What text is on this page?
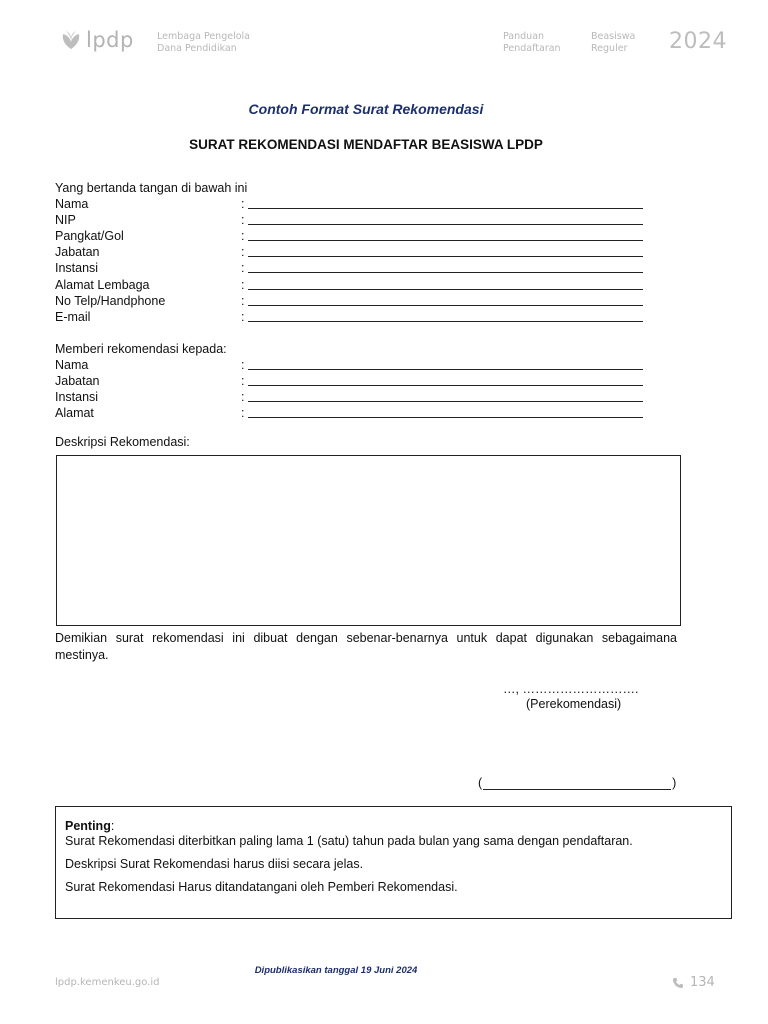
lpdp Lembaga Pengelola
Dana Pendidikan
Panduan
Pendaftaran
Beasiswa
Reguler	2024
Contoh Format Surat Rekomendasi
SURAT REKOMENDASI MENDAFTAR BEASISWA LPDP
Yang bertanda tangan di bawah ini
Nama	:
NIP	:
Pangkat/Gol	:
Jabatan	:
Instansi	:
Alamat Lembaga	:
No Telp/Handphone	:
E-mail	:
Memberi rekomendasi kepada:
Nama	:
Jabatan	:
Instansi	:
Alamat	:
Deskripsi Rekomendasi:
Demikian surat rekomendasi ini dibuat dengan sebenar-benarnya untuk dapat digunakan sebagaimana mestinya.
…, ……………………….
(Perekomendasi)
(	)

Penting:

Surat Rekomendasi diterbitkan paling lama 1 (satu) tahun pada bulan yang sama dengan pendaftaran.

Deskripsi Surat Rekomendasi harus diisi secara jelas.

Surat Rekomendasi Harus ditandatangani oleh Pemberi Rekomendasi.

Dipublikasikan tanggal 19 Juni 2024
lpdp.kemenkeu.go.id	134
